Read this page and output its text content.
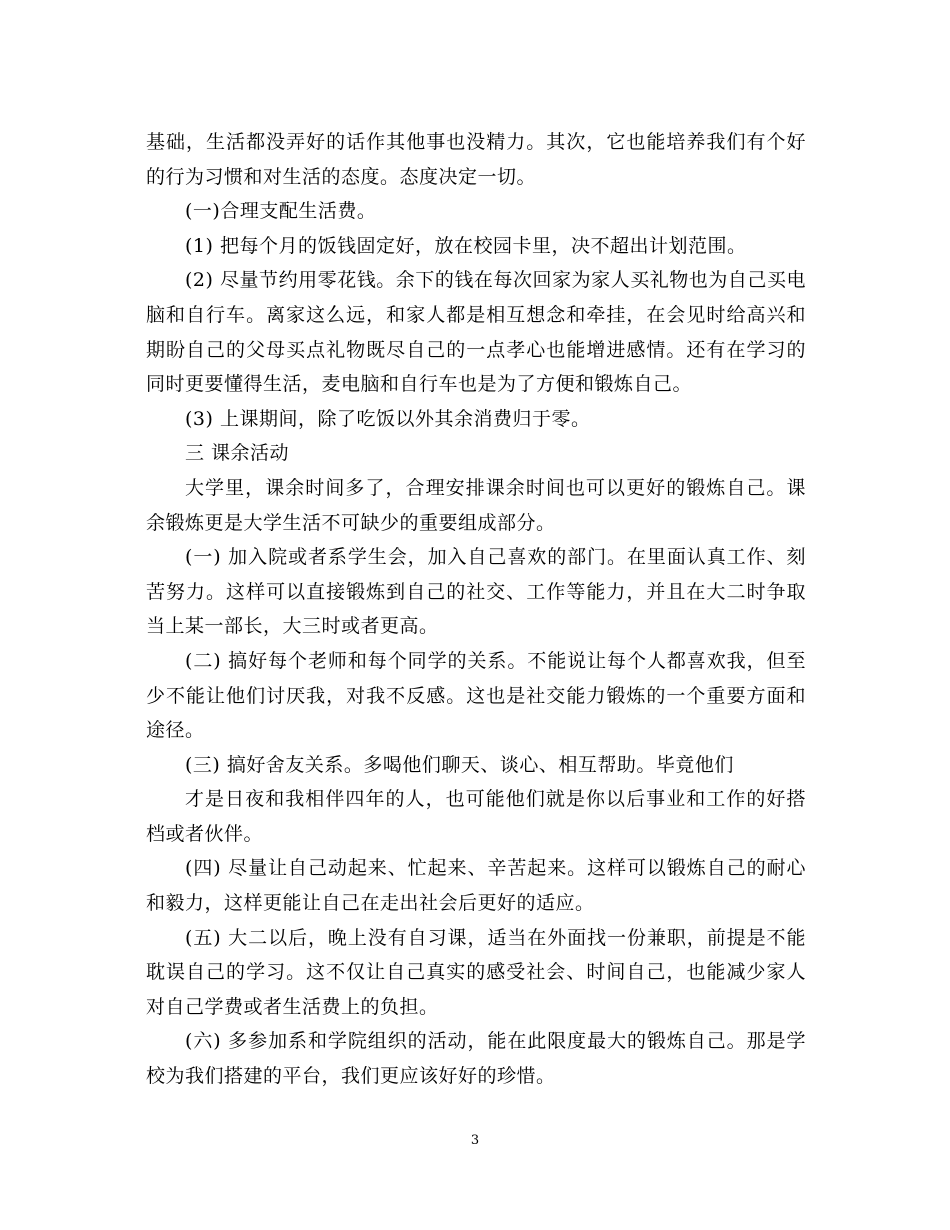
基础，生活都没弄好的话作其他事也没精力。其次，它也能培养我们有个好的行为习惯和对生活的态度。态度决定一切。

(一)合理支配生活费。

(1) 把每个月的饭钱固定好，放在校园卡里，决不超出计划范围。

(2) 尽量节约用零花钱。余下的钱在每次回家为家人买礼物也为自己买电脑和自行车。离家这么远，和家人都是相互想念和牵挂，在会见时给高兴和期盼自己的父母买点礼物既尽自己的一点孝心也能增进感情。还有在学习的同时更要懂得生活，麦电脑和自行车也是为了方便和锻炼自己。

(3) 上课期间，除了吃饭以外其余消费归于零。

三 课余活动

大学里，课余时间多了，合理安排课余时间也可以更好的锻炼自己。课余锻炼更是大学生活不可缺少的重要组成部分。

(一) 加入院或者系学生会，加入自己喜欢的部门。在里面认真工作、刻苦努力。这样可以直接锻炼到自己的社交、工作等能力，并且在大二时争取当上某一部长，大三时或者更高。

(二) 搞好每个老师和每个同学的关系。不能说让每个人都喜欢我，但至少不能让他们讨厌我，对我不反感。这也是社交能力锻炼的一个重要方面和途径。

(三) 搞好舍友关系。多喝他们聊天、谈心、相互帮助。毕竟他们

才是日夜和我相伴四年的人，也可能他们就是你以后事业和工作的好搭档或者伙伴。

(四) 尽量让自己动起来、忙起来、辛苦起来。这样可以锻炼自己的耐心和毅力，这样更能让自己在走出社会后更好的适应。

(五) 大二以后，晚上没有自习课，适当在外面找一份兼职，前提是不能耽误自己的学习。这不仅让自己真实的感受社会、时间自己，也能减少家人对自己学费或者生活费上的负担。

(六) 多参加系和学院组织的活动，能在此限度最大的锻炼自己。那是学校为我们搭建的平台，我们更应该好好的珍惜。

3
